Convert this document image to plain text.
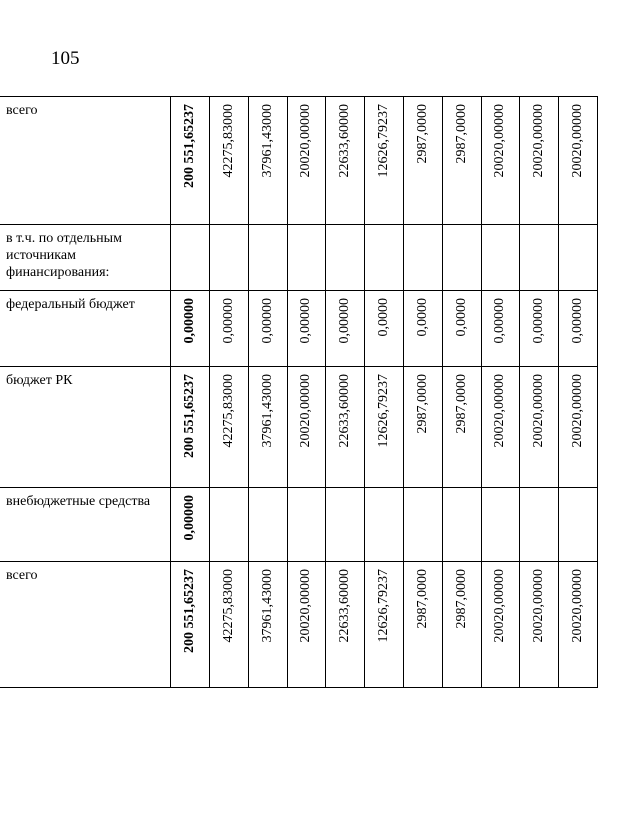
105
всего	200 551,65237	42275,83000	37961,43000	20020,00000	22633,60000	12626,79237	2987,0000	2987,0000	20020,00000	20020,00000	20020,00000

в т.ч. по отдельным источникам финансирования:	

федеральный бюджет	0,00000	0,00000	0,00000	0,00000	0,00000	0,0000	0,0000	0,0000	0,00000	0,00000	0,00000

бюджет РК	200 551,65237	42275,83000	37961,43000	20020,00000	22633,60000	12626,79237	2987,0000	2987,0000	20020,00000	20020,00000	20020,00000

внебюджетные средства	0,00000										

всего	200 551,65237	42275,83000	37961,43000	20020,00000	22633,60000	12626,79237	2987,0000	2987,0000	20020,00000	20020,00000	20020,00000
